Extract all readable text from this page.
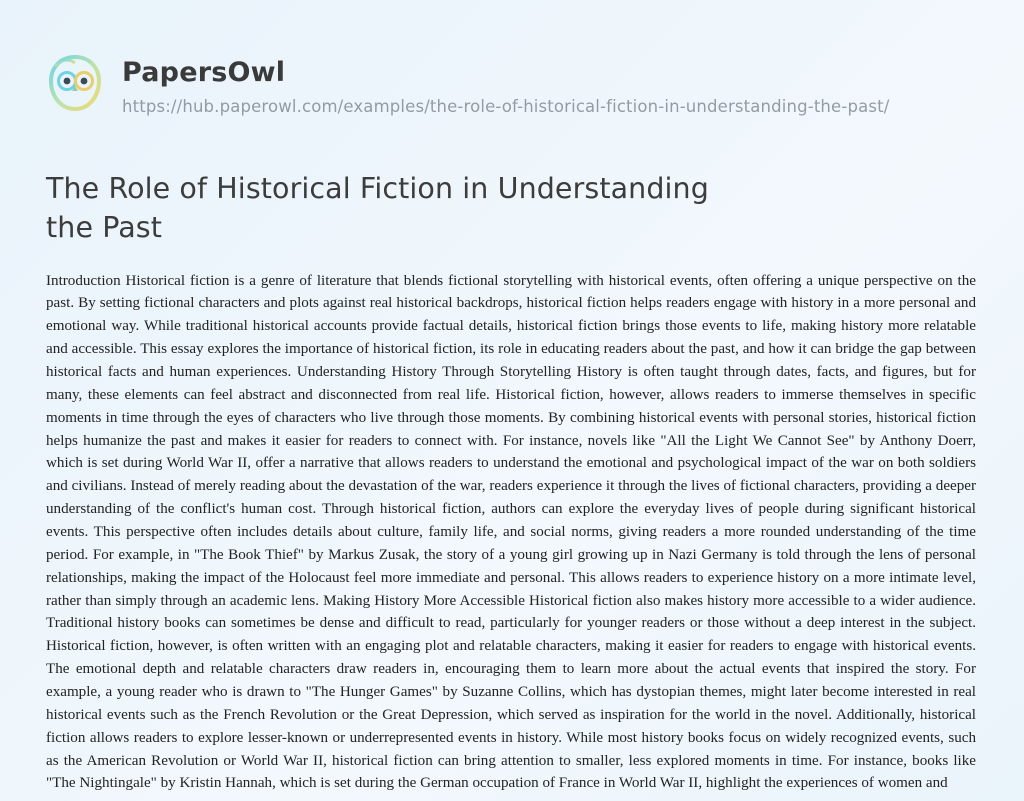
PapersOwl
https://hub.paperowl.com/examples/the-role-of-historical-fiction-in-understanding-the-past/
The Role of Historical Fiction in Understanding the Past
Introduction Historical fiction is a genre of literature that blends fictional storytelling with historical events, often offering a unique perspective on the past. By setting fictional characters and plots against real historical backdrops, historical fiction helps readers engage with history in a more personal and emotional way. While traditional historical accounts provide factual details, historical fiction brings those events to life, making history more relatable and accessible. This essay explores the importance of historical fiction, its role in educating readers about the past, and how it can bridge the gap between historical facts and human experiences. Understanding History Through Storytelling History is often taught through dates, facts, and figures, but for many, these elements can feel abstract and disconnected from real life. Historical fiction, however, allows readers to immerse themselves in specific moments in time through the eyes of characters who live through those moments. By combining historical events with personal stories, historical fiction helps humanize the past and makes it easier for readers to connect with. For instance, novels like "All the Light We Cannot See" by Anthony Doerr, which is set during World War II, offer a narrative that allows readers to understand the emotional and psychological impact of the war on both soldiers and civilians. Instead of merely reading about the devastation of the war, readers experience it through the lives of fictional characters, providing a deeper understanding of the conflict's human cost. Through historical fiction, authors can explore the everyday lives of people during significant historical events. This perspective often includes details about culture, family life, and social norms, giving readers a more rounded understanding of the time period. For example, in "The Book Thief" by Markus Zusak, the story of a young girl growing up in Nazi Germany is told through the lens of personal relationships, making the impact of the Holocaust feel more immediate and personal. This allows readers to experience history on a more intimate level, rather than simply through an academic lens. Making History More Accessible Historical fiction also makes history more accessible to a wider audience. Traditional history books can sometimes be dense and difficult to read, particularly for younger readers or those without a deep interest in the subject. Historical fiction, however, is often written with an engaging plot and relatable characters, making it easier for readers to engage with historical events. The emotional depth and relatable characters draw readers in, encouraging them to learn more about the actual events that inspired the story. For example, a young reader who is drawn to "The Hunger Games" by Suzanne Collins, which has dystopian themes, might later become interested in real historical events such as the French Revolution or the Great Depression, which served as inspiration for the world in the novel. Additionally, historical fiction allows readers to explore lesser-known or underrepresented events in history. While most history books focus on widely recognized events, such as the American Revolution or World War II, historical fiction can bring attention to smaller, less explored moments in time. For instance, books like "The Nightingale" by Kristin Hannah, which is set during the German occupation of France in World War II, highlight the experiences of women and
